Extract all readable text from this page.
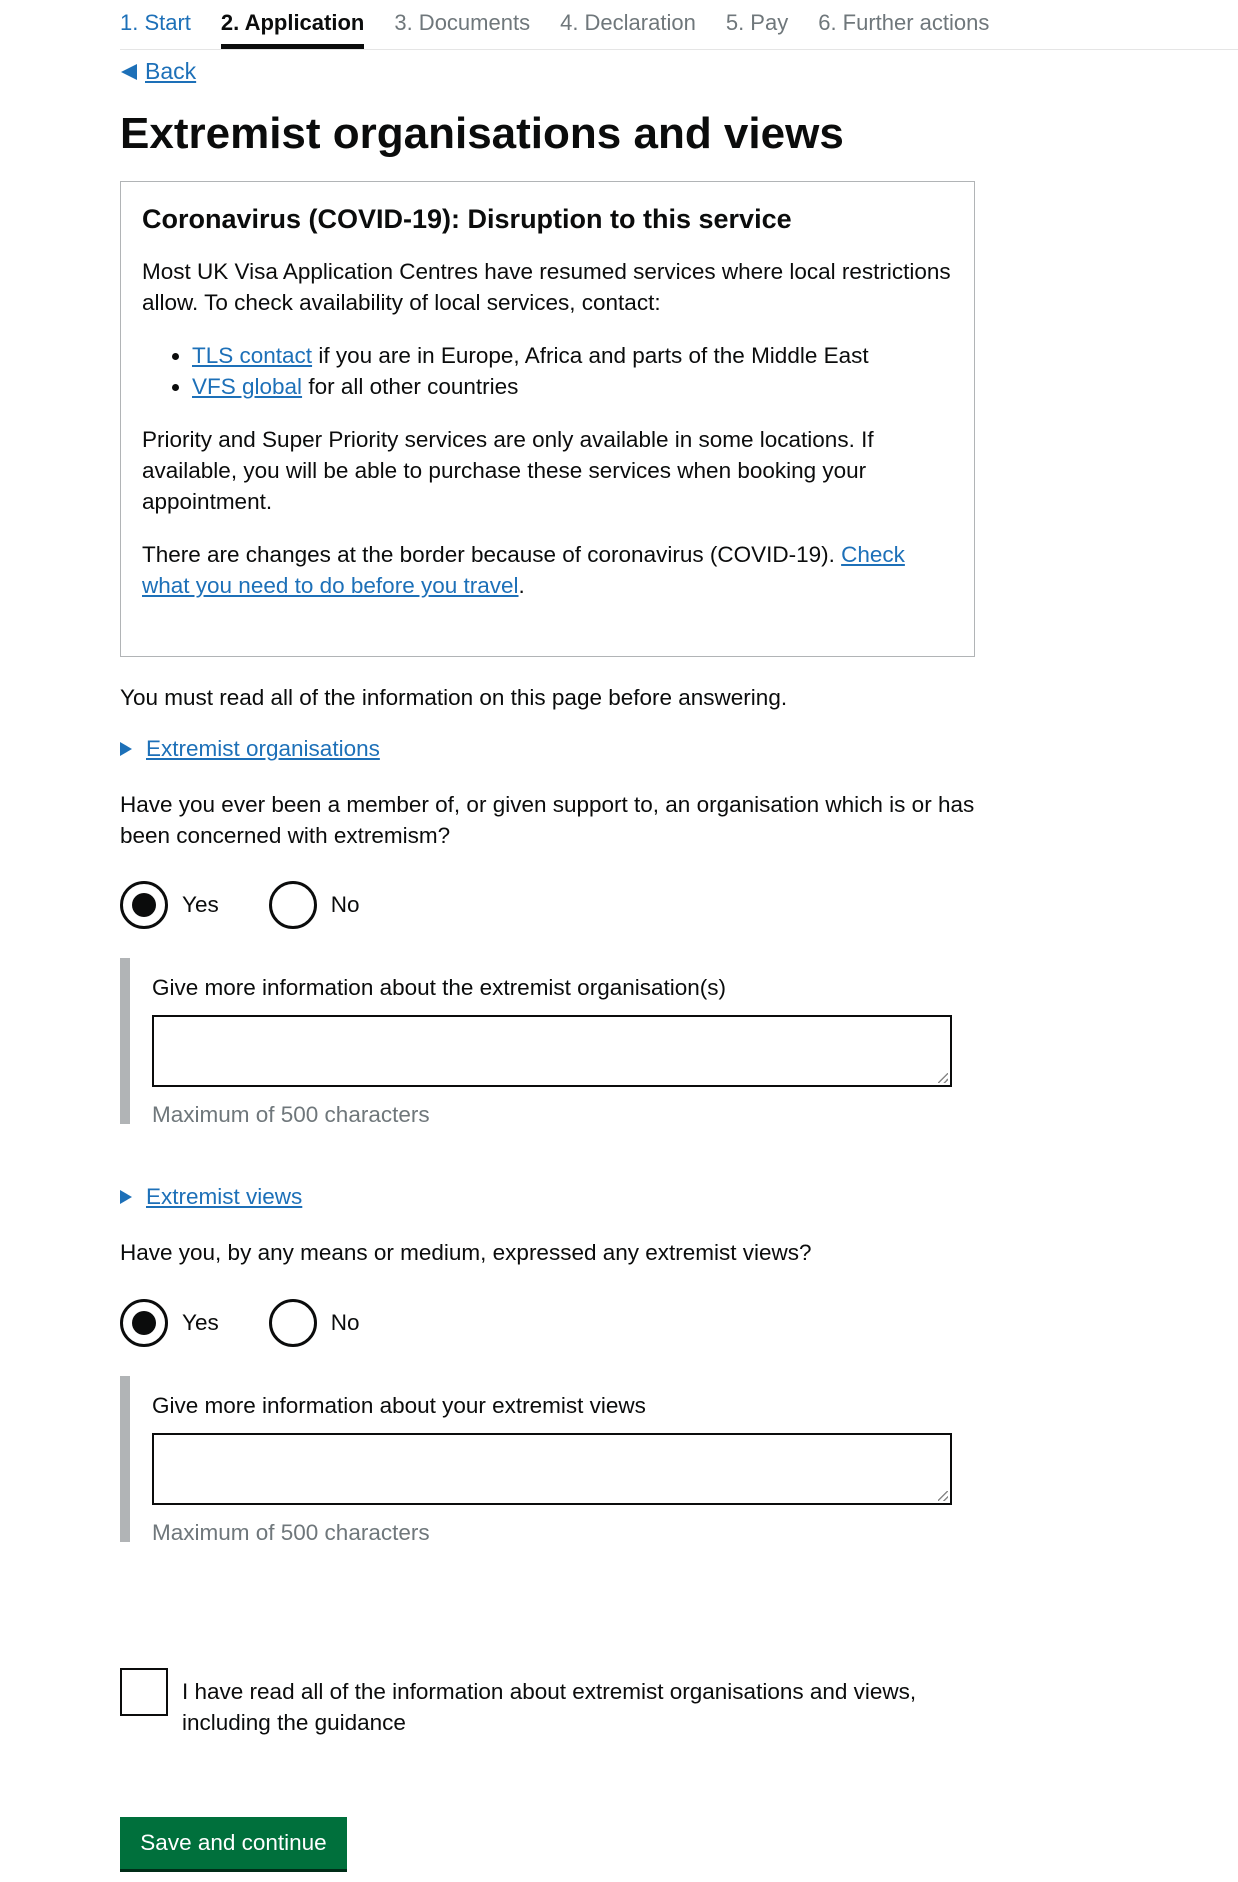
1. Start 2. Application 3. Documents 4. Declaration 5. Pay 6. Further actions
Back
Extremist organisations and views
Coronavirus (COVID-19): Disruption to this service

Most UK Visa Application Centres have resumed services where local restrictions allow. To check availability of local services, contact:

• TLS contact if you are in Europe, Africa and parts of the Middle East
• VFS global for all other countries

Priority and Super Priority services are only available in some locations. If available, you will be able to purchase these services when booking your appointment.

There are changes at the border because of coronavirus (COVID-19). Check what you need to do before you travel.

You must read all of the information on this page before answering.

Extremist organisations

Have you ever been a member of, or given support to, an organisation which is or has been concerned with extremism?

Yes	No
Give more information about the extremist organisation(s)
Maximum of 500 characters
Extremist views

Have you, by any means or medium, expressed any extremist views?

Yes	No
Give more information about your extremist views
Maximum of 500 characters
I have read all of the information about extremist organisations and views, including the guidance
Save and continue
